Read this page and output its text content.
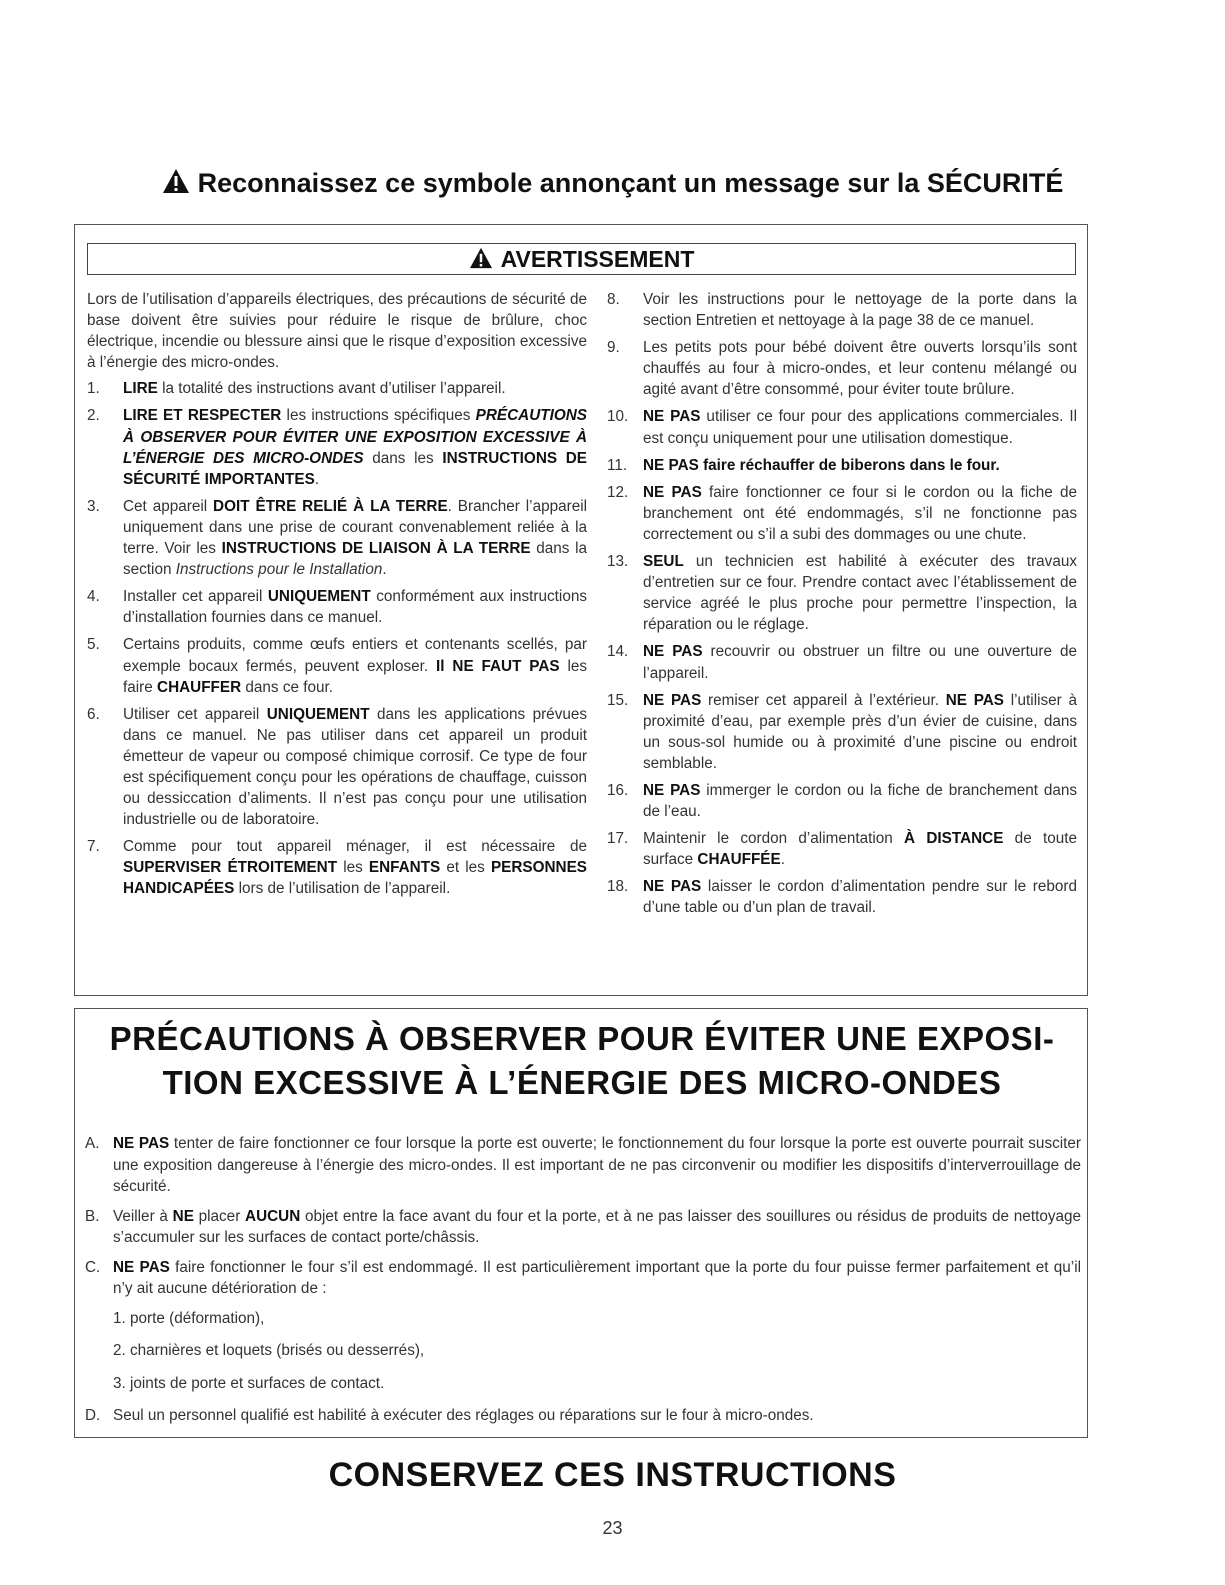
Reconnaissez ce symbole annonçant un message sur la SÉCURITÉ
AVERTISSEMENT

Lors de l’utilisation d’appareils électriques, des précautions de sécurité de base doivent être suivies pour réduire le risque de brûlure, choc électrique, incendie ou blessure ainsi que le risque d’exposition excessive à l’énergie des micro-ondes.

1. LIRE la totalité des instructions avant d’utiliser l’appareil.
2. LIRE ET RESPECTER les instructions spécifiques PRÉCAUTIONS À OBSERVER POUR ÉVITER UNE EXPOSITION EXCESSIVE À L’ÉNERGIE DES MICRO-ONDES dans les INSTRUCTIONS DE SÉCURITÉ IMPORTANTES.
3. Cet appareil DOIT ÊTRE RELIÉ À LA TERRE. Brancher l’appareil uniquement dans une prise de courant convenablement reliée à la terre. Voir les INSTRUCTIONS DE LIAISON À LA TERRE dans la section Instructions pour le Installation.
4. Installer cet appareil UNIQUEMENT conformément aux instructions d’installation fournies dans ce manuel.
5. Certains produits, comme œufs entiers et contenants scellés, par exemple bocaux fermés, peuvent exploser. Il NE FAUT PAS les faire CHAUFFER dans ce four.
6. Utiliser cet appareil UNIQUEMENT dans les applications prévues dans ce manuel. Ne pas utiliser dans cet appareil un produit émetteur de vapeur ou composé chimique corrosif. Ce type de four est spécifiquement conçu pour les opérations de chauffage, cuisson ou dessiccation d’aliments. Il n’est pas conçu pour une utilisation industrielle ou de laboratoire.
7. Comme pour tout appareil ménager, il est nécessaire de SUPERVISER ÉTROITEMENT les ENFANTS et les PERSONNES HANDICAPÉES lors de l’utilisation de l’appareil.
8. Voir les instructions pour le nettoyage de la porte dans la section Entretien et nettoyage à la page 38 de ce manuel.
9. Les petits pots pour bébé doivent être ouverts lorsqu’ils sont chauffés au four à micro-ondes, et leur contenu mélangé ou agité avant d’être consommé, pour éviter toute brûlure.
10. NE PAS utiliser ce four pour des applications commerciales. Il est conçu uniquement pour une utilisation domestique.
11. NE PAS faire réchauffer de biberons dans le four.
12. NE PAS faire fonctionner ce four si le cordon ou la fiche de branchement ont été endommagés, s’il ne fonctionne pas correctement ou s’il a subi des dommages ou une chute.
13. SEUL un technicien est habilité à exécuter des travaux d’entretien sur ce four. Prendre contact avec l’établissement de service agréé le plus proche pour permettre l’inspection, la réparation ou le réglage.
14. NE PAS recouvrir ou obstruer un filtre ou une ouverture de l’appareil.
15. NE PAS remiser cet appareil à l’extérieur. NE PAS l’utiliser à proximité d’eau, par exemple près d’un évier de cuisine, dans un sous-sol humide ou à proximité d’une piscine ou endroit semblable.
16. NE PAS immerger le cordon ou la fiche de branchement dans de l’eau.
17. Maintenir le cordon d’alimentation À DISTANCE de toute surface CHAUFFÉE.
18. NE PAS laisser le cordon d’alimentation pendre sur le rebord d’une table ou d’un plan de travail.
PRÉCAUTIONS À OBSERVER POUR ÉVITER UNE EXPOSI-
TION EXCESSIVE À L’ÉNERGIE DES MICRO-ONDES
A. NE PAS tenter de faire fonctionner ce four lorsque la porte est ouverte; le fonctionnement du four lorsque la porte est ouverte pourrait susciter une exposition dangereuse à l’énergie des micro-ondes. Il est important de ne pas circonvenir ou modifier les dispositifs d’interverrouillage de sécurité.
B. Veiller à NE placer AUCUN objet entre la face avant du four et la porte, et à ne pas laisser des souillures ou résidus de produits de nettoyage s’accumuler sur les surfaces de contact porte/châssis.
C. NE PAS faire fonctionner le four s’il est endommagé. Il est particulièrement important que la porte du four puisse fermer parfaitement et qu’il n’y ait aucune détérioration de :
1. porte (déformation),
2. charnières et loquets (brisés ou desserrés),
3. joints de porte et surfaces de contact.
D. Seul un personnel qualifié est habilité à exécuter des réglages ou réparations sur le four à micro-ondes.
CONSERVEZ CES INSTRUCTIONS
23
